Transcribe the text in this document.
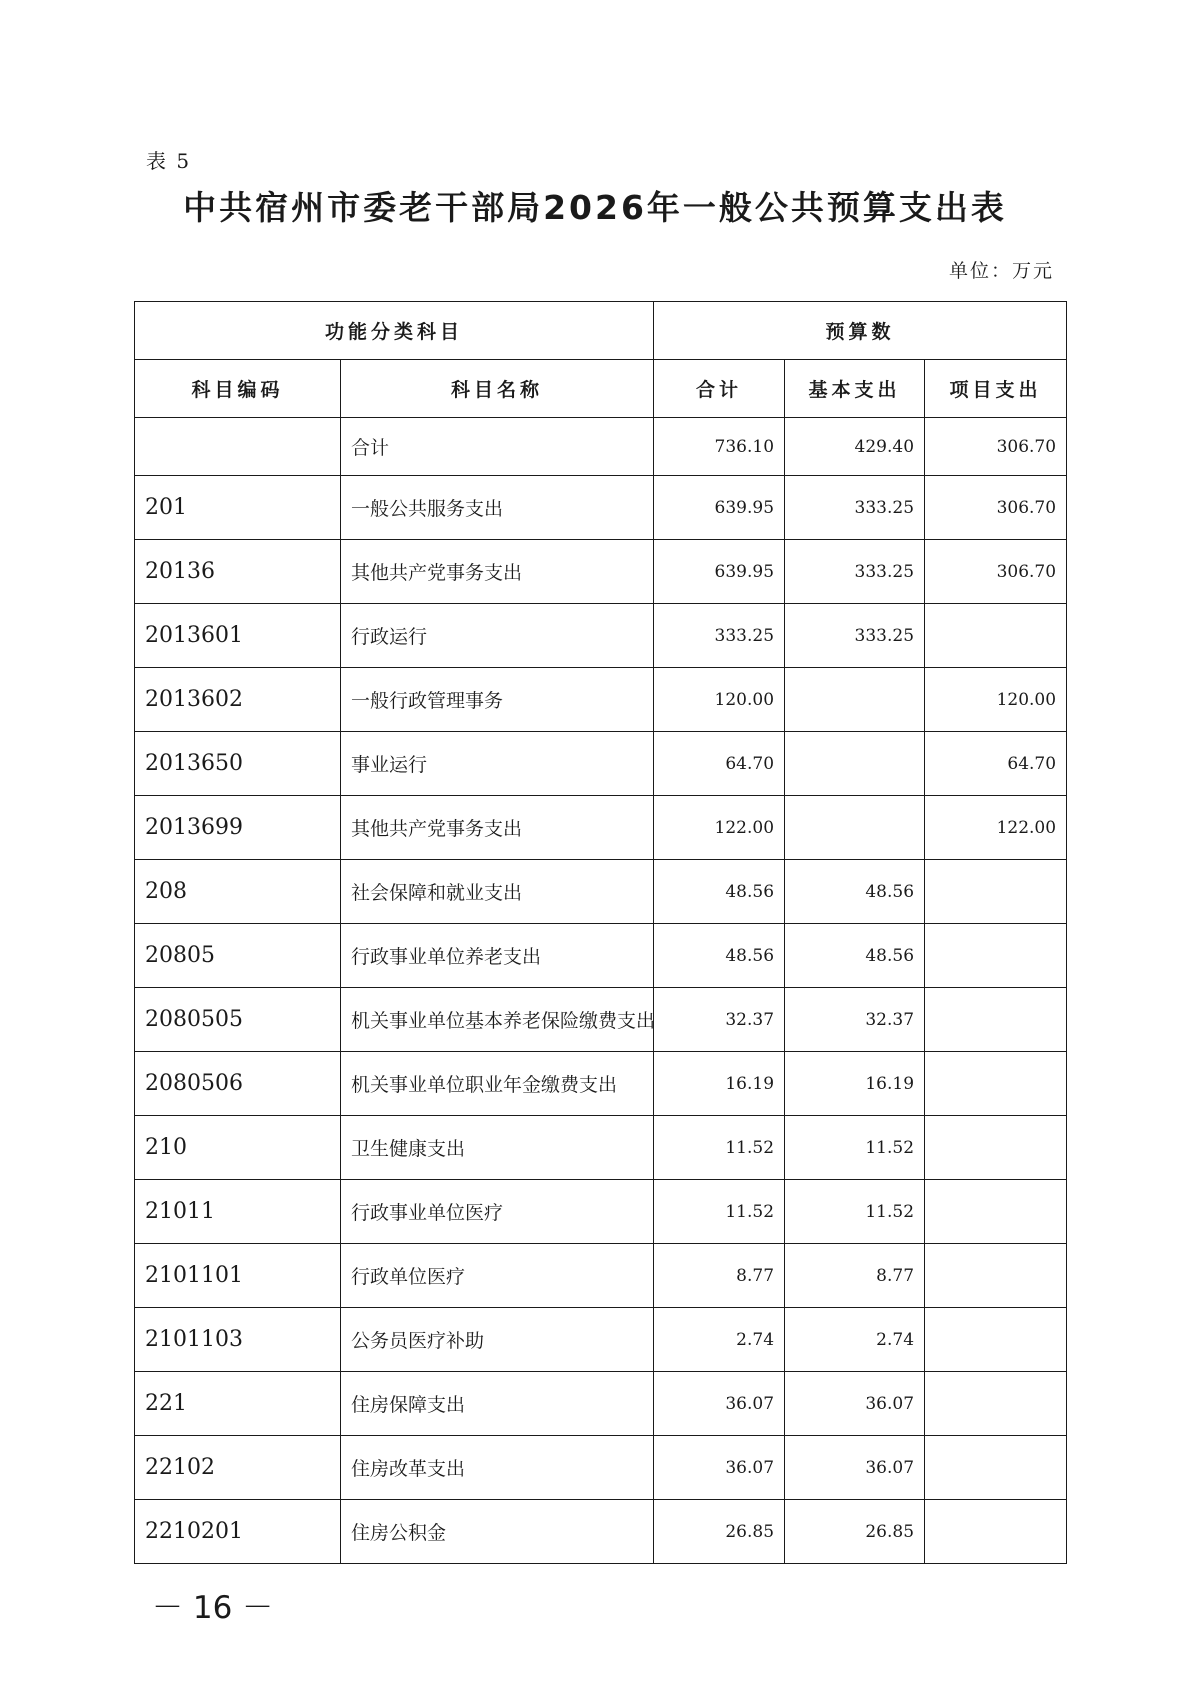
表 5
中共宿州市委老干部局2026年一般公共预算支出表
单位：万元
功能分类科目		预算数		
科目编码	科目名称	合计	基本支出	项目支出
	合计	736.10	429.40	306.70
201	一般公共服务支出	639.95	333.25	306.70
20136	其他共产党事务支出	639.95	333.25	306.70
2013601	行政运行	333.25	333.25	
2013602	一般行政管理事务	120.00		120.00
2013650	事业运行	64.70		64.70
2013699	其他共产党事务支出	122.00		122.00
208	社会保障和就业支出	48.56	48.56	
20805	行政事业单位养老支出	48.56	48.56	
2080505	机关事业单位基本养老保险缴费支出	32.37	32.37	
2080506	机关事业单位职业年金缴费支出	16.19	16.19	
210	卫生健康支出	11.52	11.52	
21011	行政事业单位医疗	11.52	11.52	
2101101	行政单位医疗	8.77	8.77	
2101103	公务员医疗补助	2.74	2.74	
221	住房保障支出	36.07	36.07	
22102	住房改革支出	36.07	36.07	
2210201	住房公积金	26.85	26.85	
－ 16 －
